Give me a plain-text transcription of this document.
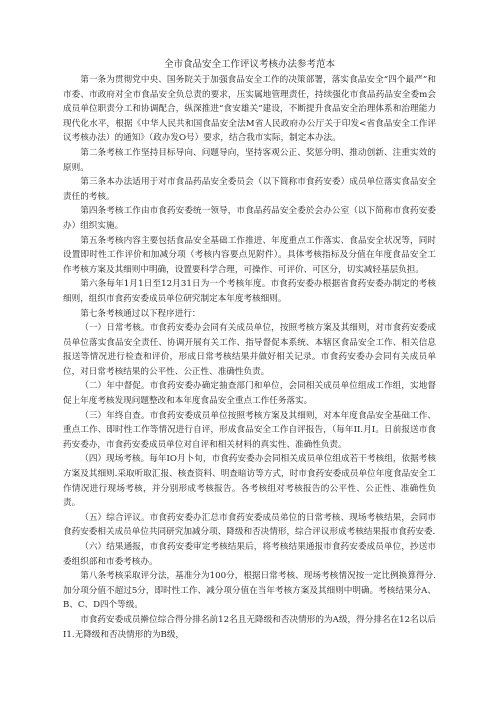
全市食品安全工作评议考核办法参考范本

第一条为贯彻党中央、国务院关于加强食品安全工作的决策部署，落实食品安全“四个最严”和市委、市政府对全市食品安全负总责的要求，压实属地管理责任，持续强化市食品药品安全委m会成员单位职责分工和协调配合，纵深推进“食安雄关”建设，不断提升食品安全治理体系和治理能力现代化水平，根据《中华人民共和国食品安全法M省人民政府办公厅关于印发<省食品安全工作评议考核办法）的通知》（政办发O号）要求，结合我市实际，制定本办法。

第二条考核工作坚持目标导向、问题导向，坚持客观公正、奖惩分明、推动创新、注重实效的原则。

第三条本办法适用于对市食品药品安全委员会（以下简称市食药安委）成员单位落实食品安全责任的考核。

第四条考核工作由市食药安委统一领导，市食品药品安全委於会办公室（以下简称市食药安委办）组织实施。

第五条考核内容主要包括食品安全基础工作推进、年度重点工作落实、食品安全状况等，同时设置即时性工作评价和加减分项（考核内容要点见附件）。具体考核指标及分值在年度食品安全工作考核方案及其细则中明确，设置要科学合理，可操作、可评价、可区分，切实减轻基层负担。

第六条每年1月1日至12月31日为一个考核年度。市食药安委办根据省食药安委办制定的考核细则，组织市食药安委成员单位研究制定本年度考核细则。

第七条考核通过以下程序进行：

（一）日常考核。市食药安委办会同有关成员单位，按照考核方案及其细则，对市食药安委成员单位落实食品安全责任、协调开展有关工作、指导督促本系统、本辖区食品安全工作、相关信息报送等情况进行检查和评价，形成日常考核结果并做好相关记录。市食药安委办会同有关成员单位，对日常考核结果的公平性、公正性、准确性负责。

（二）年中督促。市食药安委办确定抽查部门和单位，会同相关成员单位组成工作组，实地督促上年度考核发现问题整改和本年度食品安全重点工作任务落实。

（三）年终自查。市食药安委成员单位按照考核方案及其细则，对本年度食品安全基础工作、重点工作、即时性工作等情况进行自评，形成食品安全工作自评报告，（每年II.月I。日前报送市食药安委办，市食药安委成员单位对自评和相关材料的真实性、准确性负责。

（四）现场考核。每年IO月卜旬，市食药安委办会同相关成员单位组成若干考核组，依据考核方案及其细则.采取听取汇报、核查资料、明查暗访等方式，时市食药安委成员单位年度食品安全工作情况进行现场考核，并分别形成考核报告。各考核组对考核报告的公平性、公正性、准确性负责。

（五）综合评议。市食药安委办汇总市食药安委成员弟位的日常考核、现场考核结果，会同市食药安委相关成员单位共同研究加减分项、降级和否决情形，综合评议形成考核结果报市食药安委.

（六）结果通报，市食药安委审定考核结果后，将考核结果通报市食药安委成员单位，抄送市委组织部和市委考核办。

第八条考核采取评分法，基准分为100分，根据日常考核、现场考核情况按一定比例换算得分.加分项分值不超过5分，即时性工作、减分项分值在当年考核方案及其细则中明确。考核结果分A、B、C、D四个等级。

市食药安委成员擀位综合得分排名前12名且无降级和否决情形的为A级，得分排名在12名以后I1.无降级和否决情形的为B级，
